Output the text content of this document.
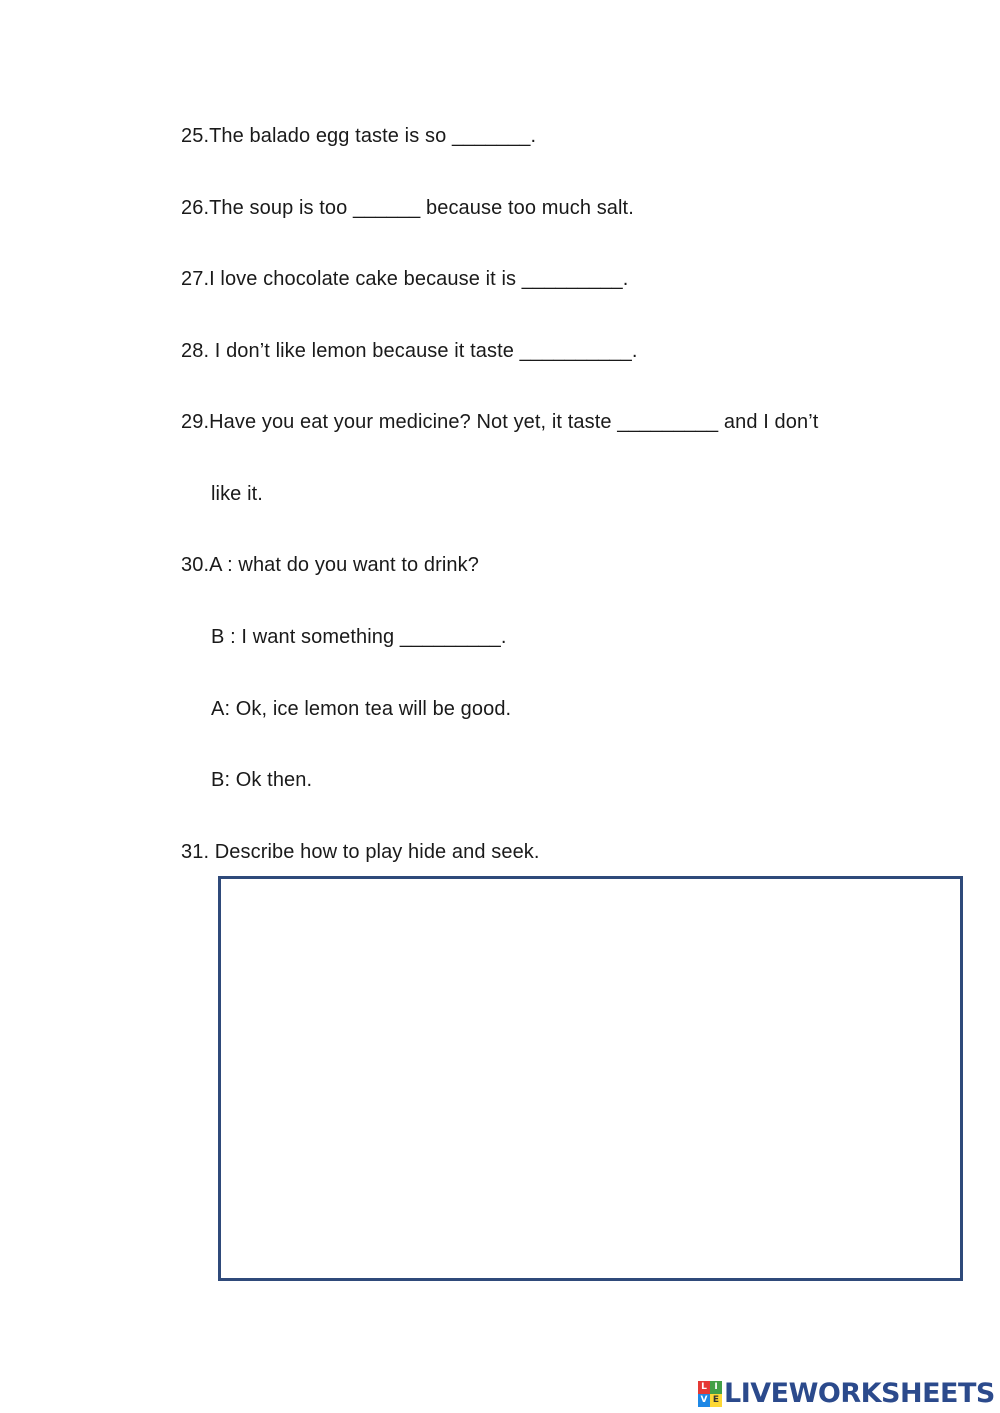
25.The balado egg taste is so _______.
26.The soup is too ______ because too much salt.
27.I love chocolate cake because it is _________.
28. I don’t like lemon because it taste __________.
29.Have you eat your medicine? Not yet, it taste _________ and I don’t
like it.
30.A : what do you want to drink?
B : I want something _________.
A: Ok, ice lemon tea will be good.
B: Ok then.
31. Describe how to play hide and seek.
L I
V E LIVEWORKSHEETS
